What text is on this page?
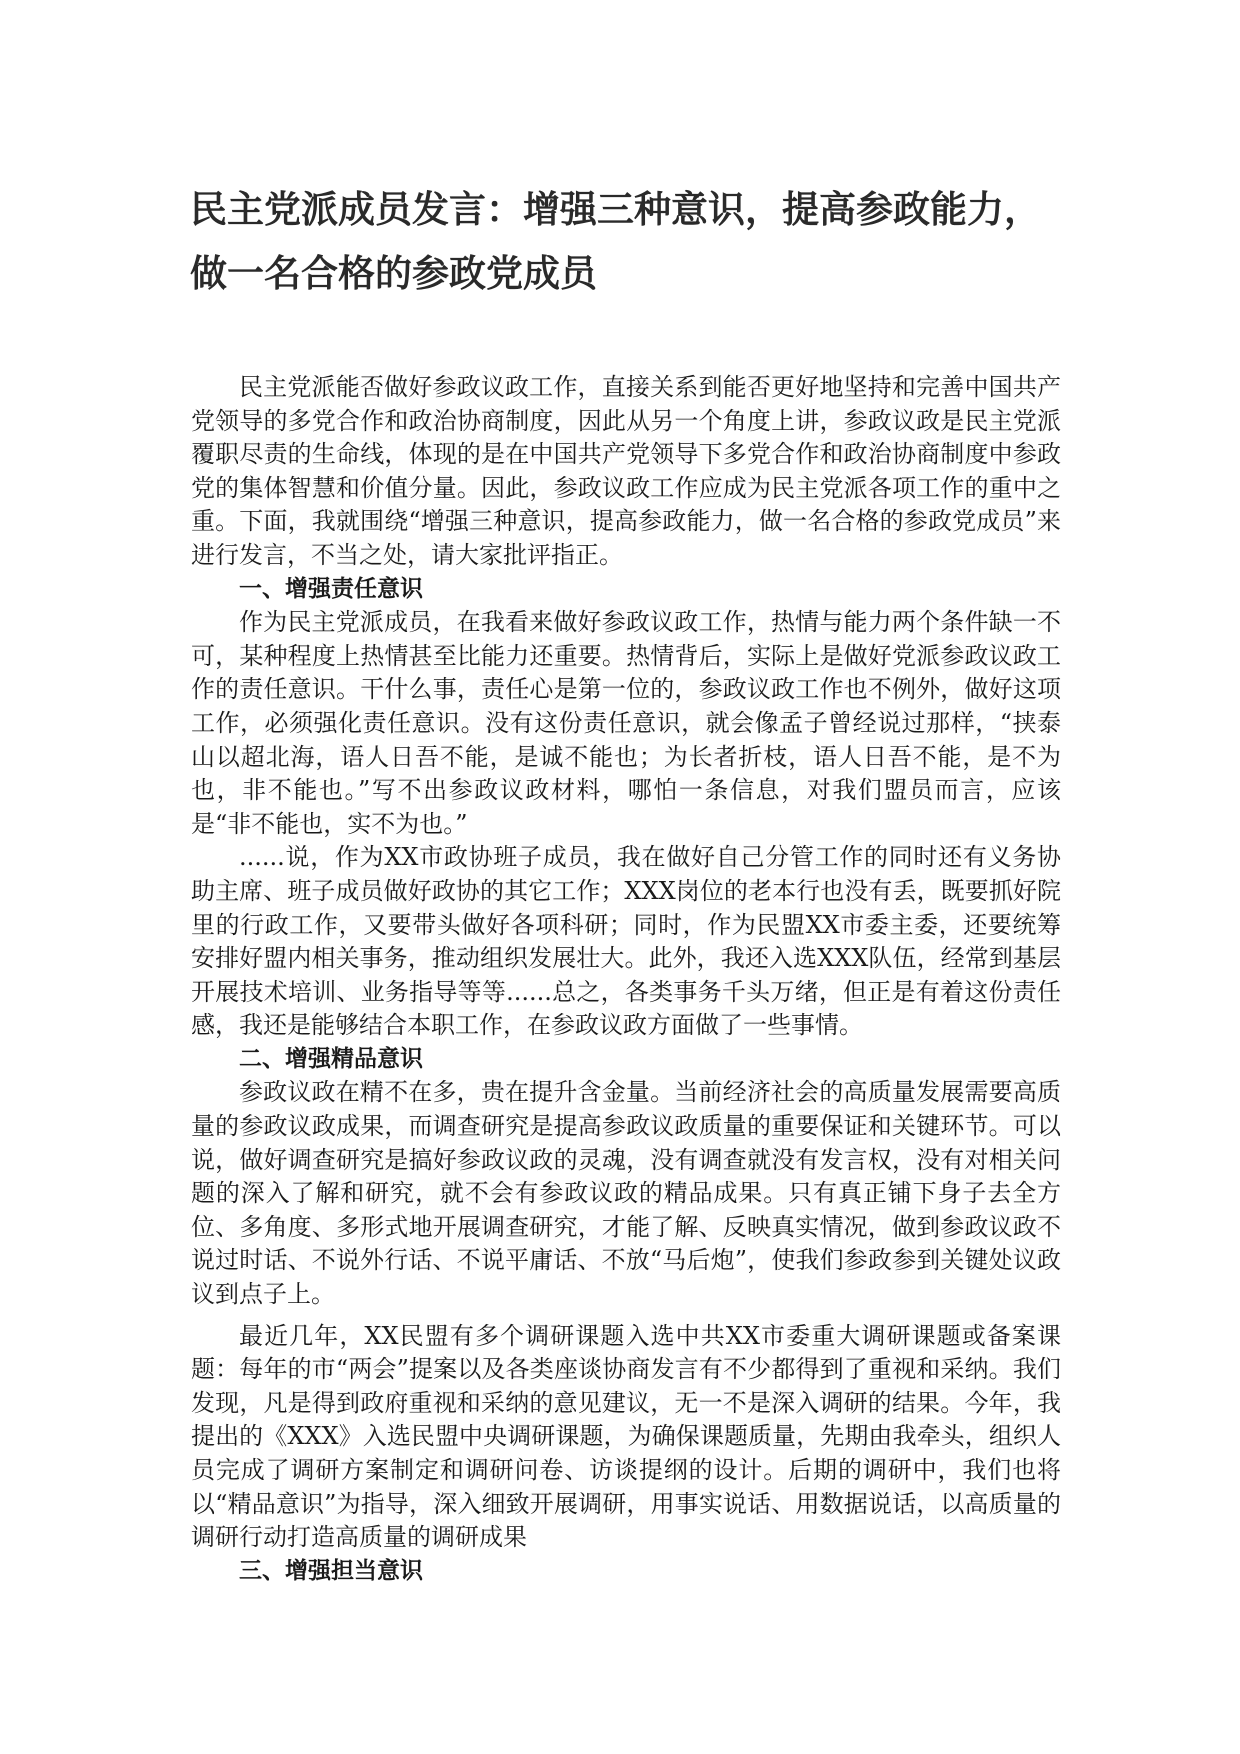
民主党派成员发言：增强三种意识，提高参政能力，
做一名合格的参政党成员

民主党派能否做好参政议政工作，直接关系到能否更好地坚持和完善中国共产党领导的多党合作和政治协商制度，因此从另一个角度上讲，参政议政是民主党派覆职尽责的生命线，体现的是在中国共产党领导下多党合作和政治协商制度中参政党的集体智慧和价值分量。因此，参政议政工作应成为民主党派各项工作的重中之重。下面，我就围绕“增强三种意识，提高参政能力，做一名合格的参政党成员”来进行发言，不当之处，请大家批评指正。

一、增强责任意识

作为民主党派成员，在我看来做好参政议政工作，热情与能力两个条件缺一不可，某种程度上热情甚至比能力还重要。热情背后，实际上是做好党派参政议政工作的责任意识。干什么事，责任心是第一位的，参政议政工作也不例外，做好这项工作，必须强化责任意识。没有这份责任意识，就会像孟子曾经说过那样，“挟泰山以超北海，语人日吾不能，是诚不能也；为长者折枝，语人日吾不能，是不为也，非不能也。”写不出参政议政材料，哪怕一条信息，对我们盟员而言，应该是“非不能也，实不为也。”

......说，作为XX市政协班子成员，我在做好自己分管工作的同时还有义务协助主席、班子成员做好政协的其它工作；XXX岗位的老本行也没有丢，既要抓好院里的行政工作，又要带头做好各项科研；同时，作为民盟XX市委主委，还要统筹安排好盟内相关事务，推动组织发展壮大。此外，我还入选XXX队伍，经常到基层开展技术培训、业务指导等等......总之，各类事务千头万绪，但正是有着这份责任感，我还是能够结合本职工作，在参政议政方面做了一些事情。

二、增强精品意识

参政议政在精不在多，贵在提升含金量。当前经济社会的高质量发展需要高质量的参政议政成果，而调查研究是提高参政议政质量的重要保证和关键环节。可以说，做好调查研究是搞好参政议政的灵魂，没有调查就没有发言权，没有对相关问题的深入了解和研究，就不会有参政议政的精品成果。只有真正铺下身子去全方位、多角度、多形式地开展调查研究，才能了解、反映真实情况，做到参政议政不说过时话、不说外行话、不说平庸话、不放“马后炮”，使我们参政参到关键处议政议到点子上。

最近几年，XX民盟有多个调研课题入选中共XX市委重大调研课题或备案课题：每年的市“两会”提案以及各类座谈协商发言有不少都得到了重视和采纳。我们发现，凡是得到政府重视和采纳的意见建议，无一不是深入调研的结果。今年，我提出的《XXX》入选民盟中央调研课题，为确保课题质量，先期由我牵头，组织人员完成了调研方案制定和调研问卷、访谈提纲的设计。后期的调研中，我们也将以“精品意识”为指导，深入细致开展调研，用事实说话、用数据说话，以高质量的调研行动打造高质量的调研成果

三、增强担当意识
